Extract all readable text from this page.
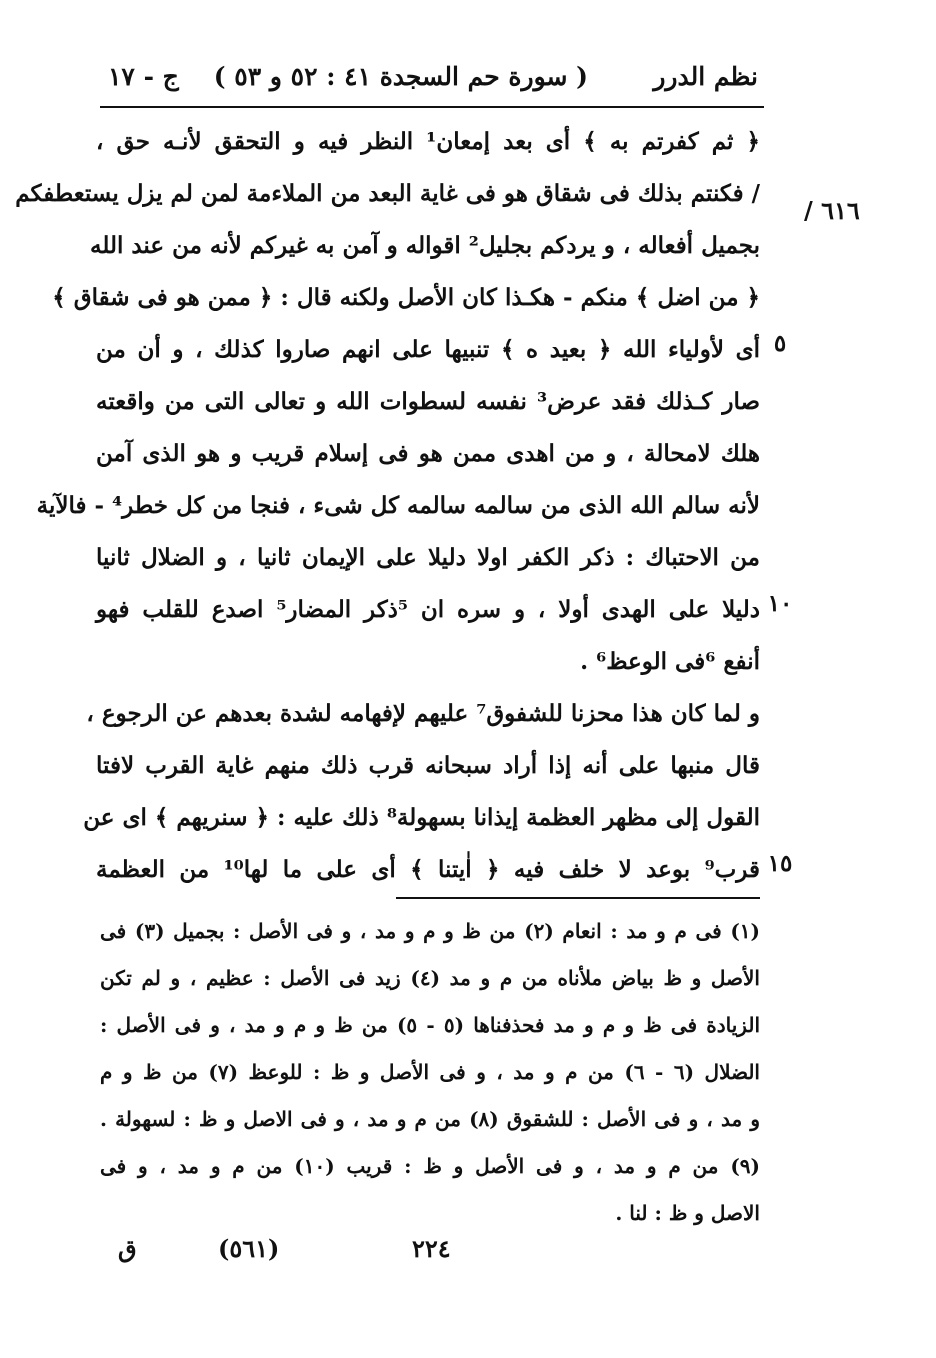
نظم الدرر
( سورة حم السجدة ٤١ : ٥٢ و ٥٣ )
ج - ١٧
٦١٦ /
﴿ ثم كفرتم به ﴾ أى بعد إمعان¹ النظر فيه و التحقق لأنـه حق ،
/ فكنتم بذلك فى شقاق هو فى غاية البعد من الملاءمة لمن لم يزل يستعطفكم
بجميل أفعاله ، و يردكم بجليل² اقواله و آمن به غيركم لأنه من عند الله
﴿ من اضل ﴾ منكم - هكـذا كان الأصل ولكنه قال : ﴿ ممن هو فى شقاق ﴾
أى لأولياء الله ﴿ بعيد ه ﴾ تنبيها على انهم صاروا كذلك ، و أن من
صار كـذلك فقد عرض³ نفسه لسطوات الله و تعالى التى من واقعته
هلك لامحالة ، و من اهدى ممن هو فى إسلام قريب و هو الذى آمن
لأنه سالم الله الذى من سالمه سالمه كل شىء ، فنجا من كل خطر⁴ - فالآية
من الاحتباك : ذكر الكفر اولا دليلا على الإيمان ثانيا ، و الضلال ثانيا
دليلا على الهدى أولا ، و سره ان ⁵ذكر المضار⁵ اصدع للقلب فهو
أنفع ⁶فى الوعظ⁶ .
و لما كان هذا محزنا للشفوق⁷ عليهم لإفهامه لشدة بعدهم عن الرجوع ،
قال منبها على أنه إذا أراد سبحانه قرب ذلك منهم غاية القرب لافتا
القول إلى مظهر العظمة إيذانا بسهولة⁸ ذلك عليه : ﴿ سنريهم ﴾ اى عن
قرب⁹ بوعد لا خلف فيه ﴿ اٰيتنا ﴾ أى على ما لها¹⁰ من العظمة
٥
١٠
١٥
(١) فى م و مد : انعام (٢) من ظ و م و مد ، و فى الأصل : بجميل (٣) فى
الأصل و ظ بياض ملأناه من م و مد (٤) زيد فى الأصل : عظيم ، و لم تكن
الزيادة فى ظ و م و مد فحذفناها (٥ - ٥) من ظ و م و مد ، و فى الأصل :
الضلال (٦ - ٦) من م و مد ، و فى الأصل و ظ : للوعظ (٧) من ظ و م
و مد ، و فى الأصل : للشقوق (٨) من م و مد ، و فى الاصل و ظ : لسهولة .
(٩) من م و مد ، و فى الأصل و ظ : قريب (١٠) من م و مد ، و فى
الاصل و ظ : لنا .
ق	(٥٦١)	٢٢٤
